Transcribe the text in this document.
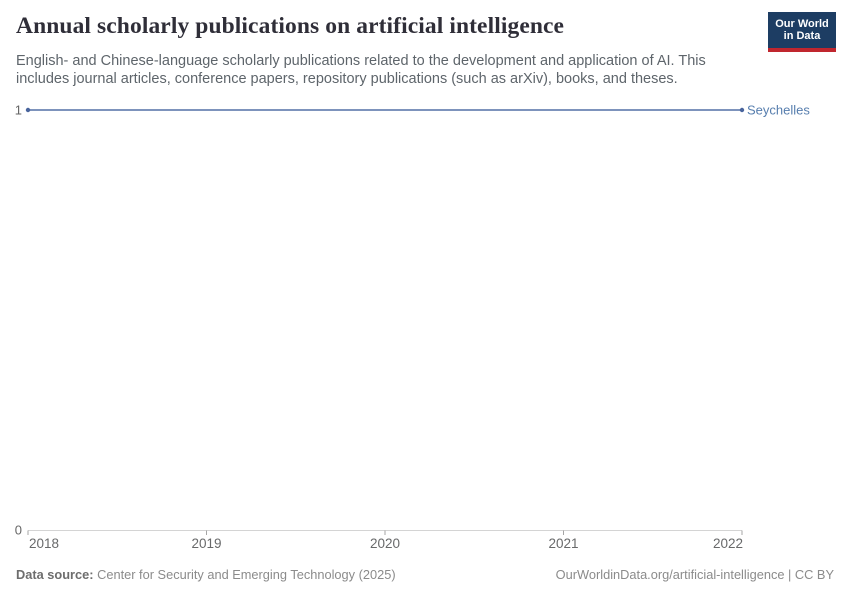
Annual scholarly publications on artificial intelligence

English- and Chinese-language scholarly publications related to the development and application of AI. This includes journal articles, conference papers, repository publications (such as arXiv), books, and theses.

Our World
in Data
0
1
2018	2019	2020	2021	2022
Seychelles
Data source: Center for Security and Emerging Technology (2025)	OurWorldinData.org/artificial-intelligence | CC BY
